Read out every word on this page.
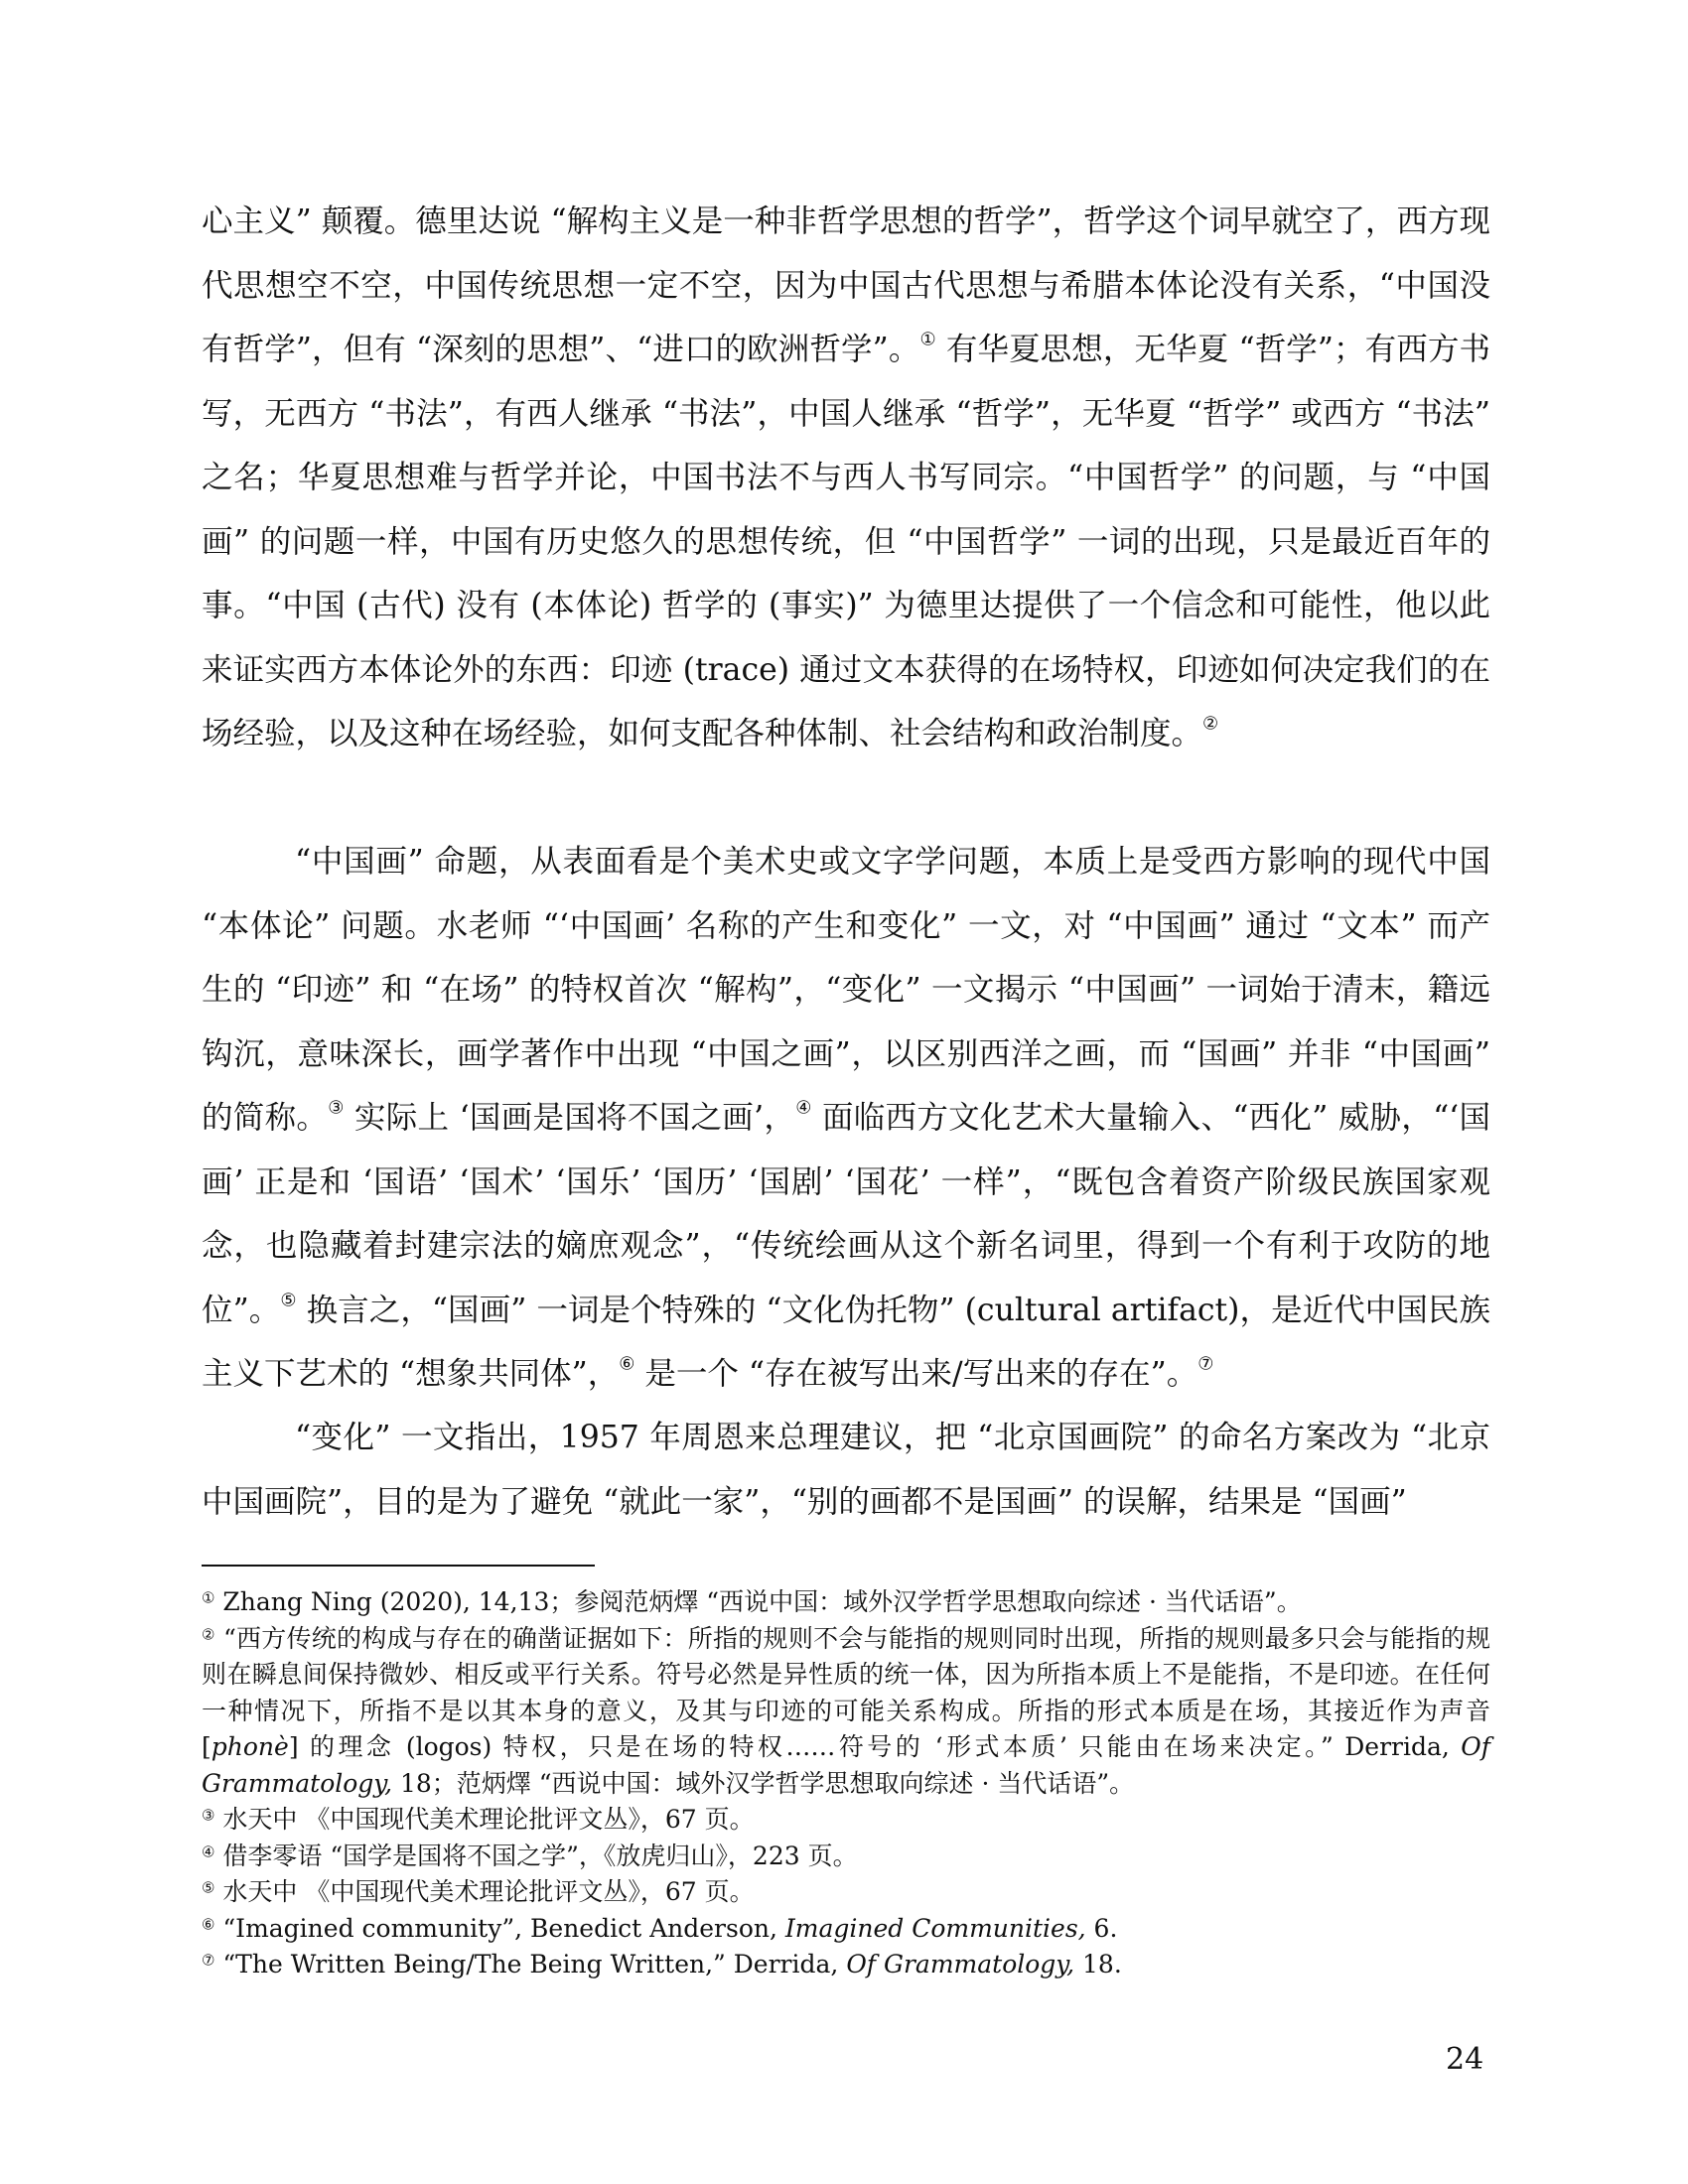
心主义” 颠覆。德里达说 “解构主义是一种非哲学思想的哲学”，哲学这个词早就空了，西方现代思想空不空，中国传统思想一定不空，因为中国古代思想与希腊本体论没有关系，“中国没有哲学”，但有 “深刻的思想”、“进口的欧洲哲学”。① 有华夏思想，无华夏 “哲学”；有西方书写，无西方 “书法”，有西人继承 “书法”，中国人继承 “哲学”，无华夏 “哲学” 或西方 “书法” 之名；华夏思想难与哲学并论，中国书法不与西人书写同宗。“中国哲学” 的问题，与 “中国画” 的问题一样，中国有历史悠久的思想传统，但 “中国哲学” 一词的出现，只是最近百年的事。“中国 (古代) 没有 (本体论) 哲学的 (事实)” 为德里达提供了一个信念和可能性，他以此来证实西方本体论外的东西：印迹 (trace) 通过文本获得的在场特权，印迹如何决定我们的在场经验，以及这种在场经验，如何支配各种体制、社会结构和政治制度。②

“中国画” 命题，从表面看是个美术史或文字学问题，本质上是受西方影响的现代中国 “本体论” 问题。水老师 “‘中国画’ 名称的产生和变化” 一文，对 “中国画” 通过 “文本” 而产生的 “印迹” 和 “在场” 的特权首次 “解构”，“变化” 一文揭示 “中国画” 一词始于清末，籍远钩沉，意味深长，画学著作中出现 “中国之画”，以区别西洋之画，而 “国画” 并非 “中国画” 的简称。③ 实际上 ‘国画是国将不国之画’，④ 面临西方文化艺术大量输入、“西化” 威胁，“‘国画’ 正是和 ‘国语’ ‘国术’ ‘国乐’ ‘国历’ ‘国剧’ ‘国花’ 一样”，“既包含着资产阶级民族国家观念，也隐藏着封建宗法的嫡庶观念”，“传统绘画从这个新名词里，得到一个有利于攻防的地位”。⑤ 换言之，“国画” 一词是个特殊的 “文化伪托物” (cultural artifact)，是近代中国民族主义下艺术的 “想象共同体”，⑥ 是一个 “存在被写出来/写出来的存在”。⑦

“变化” 一文指出，1957 年周恩来总理建议，把 “北京国画院” 的命名方案改为 “北京中国画院”，目的是为了避免 “就此一家”，“别的画都不是国画” 的误解，结果是 “国画”

① Zhang Ning (2020), 14,13；参阅范炳燡 “西说中国：域外汉学哲学思想取向综述 · 当代话语”。

② “西方传统的构成与存在的确凿证据如下：所指的规则不会与能指的规则同时出现，所指的规则最多只会与能指的规则在瞬息间保持微妙、相反或平行关系。符号必然是异性质的统一体，因为所指本质上不是能指，不是印迹。在任何一种情况下，所指不是以其本身的意义，及其与印迹的可能关系构成。所指的形式本质是在场，其接近作为声音 [phonè] 的理念 (logos) 特权，只是在场的特权……符号的 ‘形式本质’ 只能由在场来决定。” Derrida, Of Grammatology, 18；范炳燡 “西说中国：域外汉学哲学思想取向综述 · 当代话语”。

③ 水天中 《中国现代美术理论批评文丛》，67 页。

④ 借李零语 “国学是国将不国之学”，《放虎归山》，223 页。

⑤ 水天中 《中国现代美术理论批评文丛》，67 页。

⑥ “Imagined community”, Benedict Anderson, Imagined Communities, 6.

⑦ “The Written Being/The Being Written,” Derrida, Of Grammatology, 18.

24
